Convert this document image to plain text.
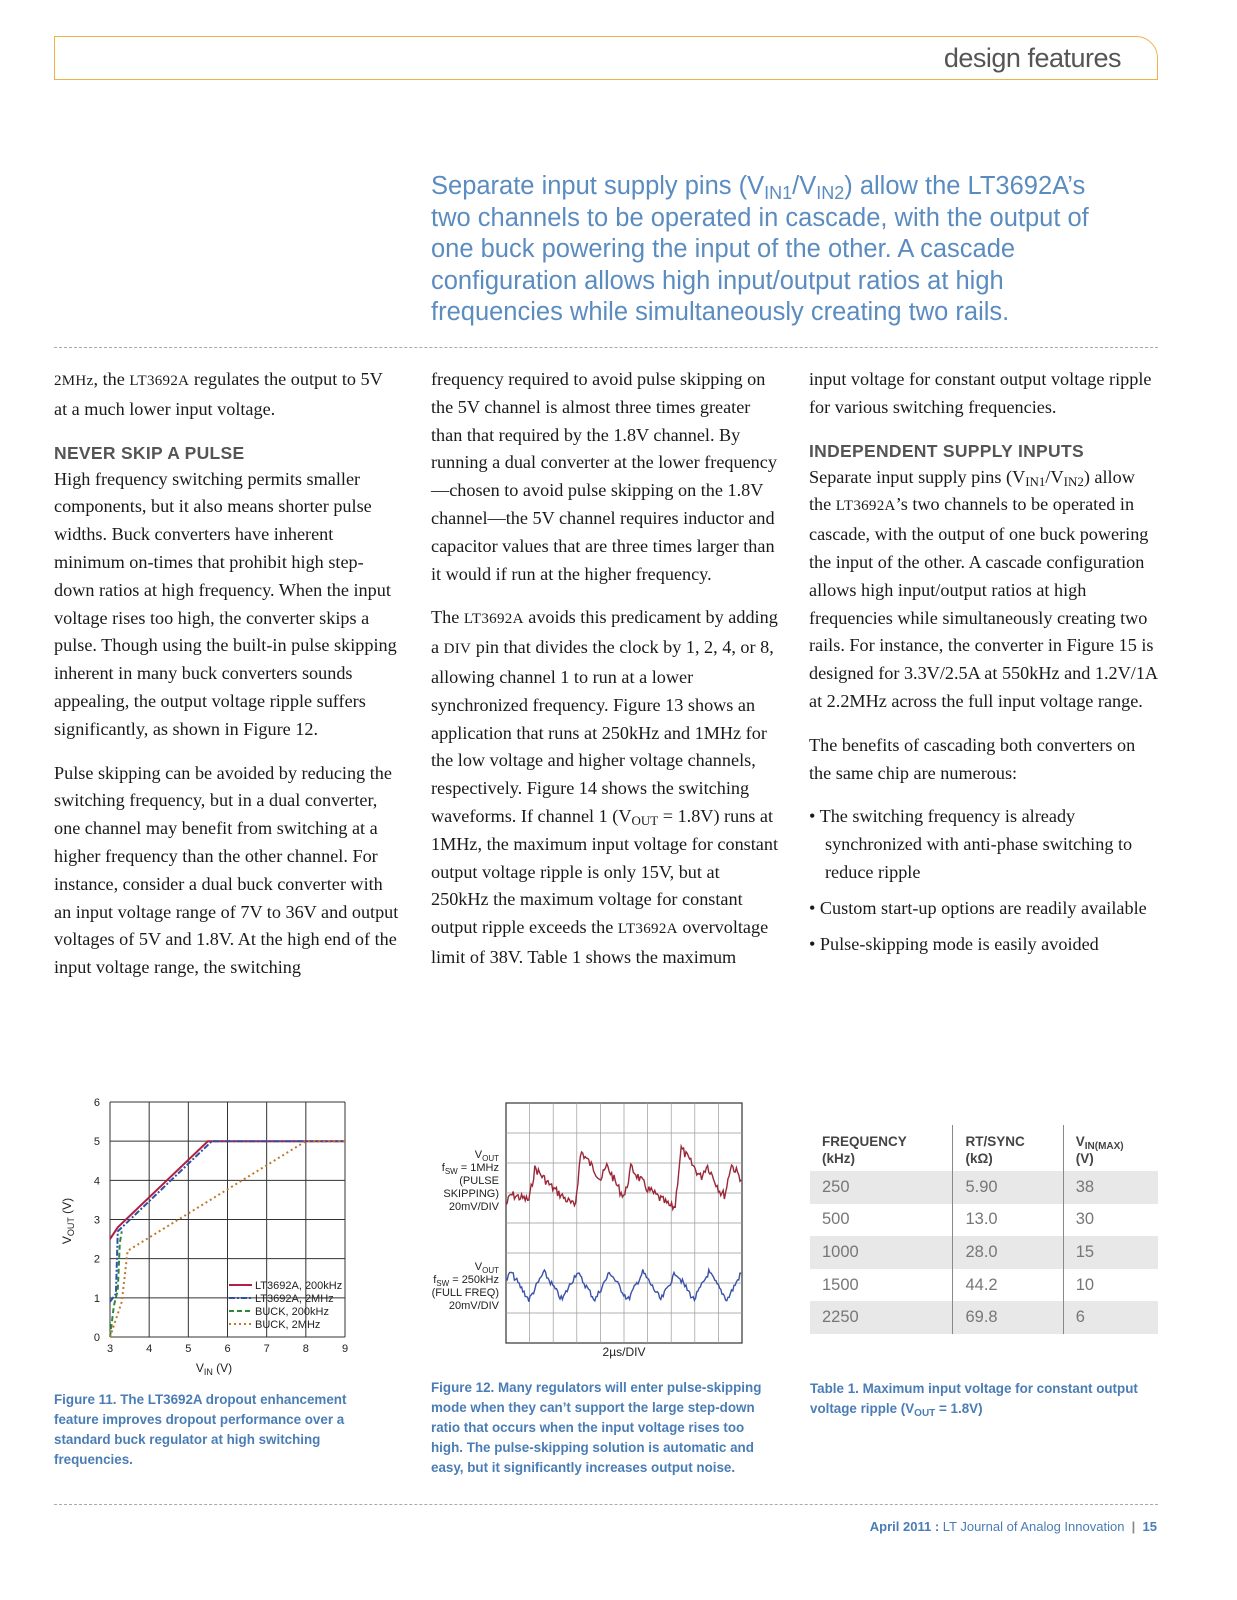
design features
Separate input supply pins $(V_{IN1}/V_{IN2})$ allow the LT3692A’s two channels to be operated in cascade, with the output of one buck powering the input of the other. A cascade configuration allows high input/output ratios at high frequencies while simultaneously creating two rails.

2MHz, the LT3692A regulates the output to 5V at a much lower input voltage.

NEVER SKIP A PULSE

High frequency switching permits smaller components, but it also means shorter pulse widths. Buck converters have inherent minimum on-times that prohibit high step-down ratios at high frequency. When the input voltage rises too high, the converter skips a pulse. Though using the built-in pulse skipping inherent in many buck converters sounds appealing, the output voltage ripple suffers significantly, as shown in Figure 12.

Pulse skipping can be avoided by reducing the switching frequency, but in a dual converter, one channel may benefit from switching at a higher frequency than the other channel. For instance, consider a dual buck converter with an input voltage range of 7V to 36V and output voltages of 5V and 1.8V. At the high end of the input voltage range, the switching

frequency required to avoid pulse skipping on the 5V channel is almost three times greater than that required by the 1.8V channel. By running a dual converter at the lower frequency—chosen to avoid pulse skipping on the 1.8V channel—the 5V channel requires inductor and capacitor values that are three times larger than it would if run at the higher frequency.

The LT3692A avoids this predicament by adding a DIV pin that divides the clock by 1, 2, 4, or 8, allowing channel 1 to run at a lower synchronized frequency. Figure 13 shows an application that runs at 250kHz and 1MHz for the low voltage and higher voltage channels, respectively. Figure 14 shows the switching waveforms. If channel 1 $(V_{OUT} = 1.8V)$ runs at 1MHz, the maximum input voltage for constant output voltage ripple is only 15V, but at 250kHz the maximum voltage for constant output ripple exceeds the LT3692A overvoltage limit of 38V. Table 1 shows the maximum

input voltage for constant output voltage ripple for various switching frequencies.

INDEPENDENT SUPPLY INPUTS

Separate input supply pins $(V_{IN1}/V_{IN2})$ allow the LT3692A’s two channels to be operated in cascade, with the output of one buck powering the input of the other. A cascade configuration allows high input/output ratios at high frequencies while simultaneously creating two rails. For instance, the converter in Figure 15 is designed for 3.3V/2.5A at 550kHz and 1.2V/1A at 2.2MHz across the full input voltage range.

The benefits of cascading both converters on the same chip are numerous:

• The switching frequency is already synchronized with anti-phase switching to reduce ripple

• Custom start-up options are readily available

• Pulse-skipping mode is easily avoided

3	4	5	6	7	8	9
0
1
2
3
4
5
6
LT3692A, 200kHz
LT3692A, 2MHz
BUCK, 200kHz
BUCK, 2MHz
$V_{IN}$ (V)
$V_{OUT}$ (V)
Figure 11. The LT3692A dropout enhancement feature improves dropout performance over a standard buck regulator at high switching frequencies.
$V_{OUT}$
$f_{SW} = 1MHz$
(PULSE
SKIPPING)
20mV/DIV
$V_{OUT}$
$f_{SW} = 250kHz$
(FULL FREQ)
20mV/DIV
2µs/DIV
Figure 12. Many regulators will enter pulse-skipping mode when they can’t support the large step-down ratio that occurs when the input voltage rises too high. The pulse-skipping solution is automatic and easy, but it significantly increases output noise.
FREQUENCY
(kHz)	RT/SYNC
(kΩ)	$V_{IN(MAX)}$
(V)
250	5.90	38
500	13.0	30
1000	28.0	15
1500	44.2	10
2250	69.8	6
Table 1. Maximum input voltage for constant output voltage ripple $(V_{OUT} = 1.8V)$
April 2011 : LT Journal of Analog Innovation | 15
